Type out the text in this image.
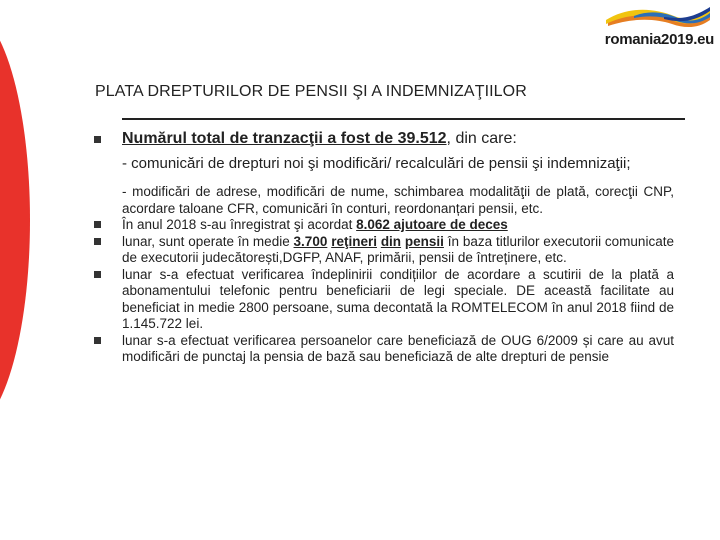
romania2019.eu
PLATA DREPTURILOR DE PENSII ŞI A INDEMNIZAŢIILOR

Numărul total de tranzacţii a fost de 39.512, din care:

- comunicări de drepturi noi şi modificări/ recalculări de pensii şi indemnizaţii;

- modificări de adrese, modificări de nume, schimbarea modalităţii de plată, corecţii CNP, acordare taloane CFR, comunicări în conturi, reordonanțari pensii, etc.

În anul 2018 s-au înregistrat şi acordat 8.062 ajutoare de deces

lunar, sunt operate în medie 3.700 reţineri din pensii în baza titlurilor executorii comunicate de executorii judecătorești,DGFP, ANAF, primării, pensii de întreținere, etc.

lunar s-a efectuat verificarea îndeplinirii condițiilor de acordare a scutirii de la plată a abonamentului telefonic pentru beneficiarii de legi speciale. DE această facilitate au beneficiat in medie 2800 persoane, suma decontată la ROMTELECOM în anul 2018 fiind de 1.145.722 lei.

lunar s-a efectuat verificarea persoanelor care beneficiază de OUG 6/2009 și care au avut modificări de punctaj la pensia de bază sau beneficiază de alte drepturi de pensie
